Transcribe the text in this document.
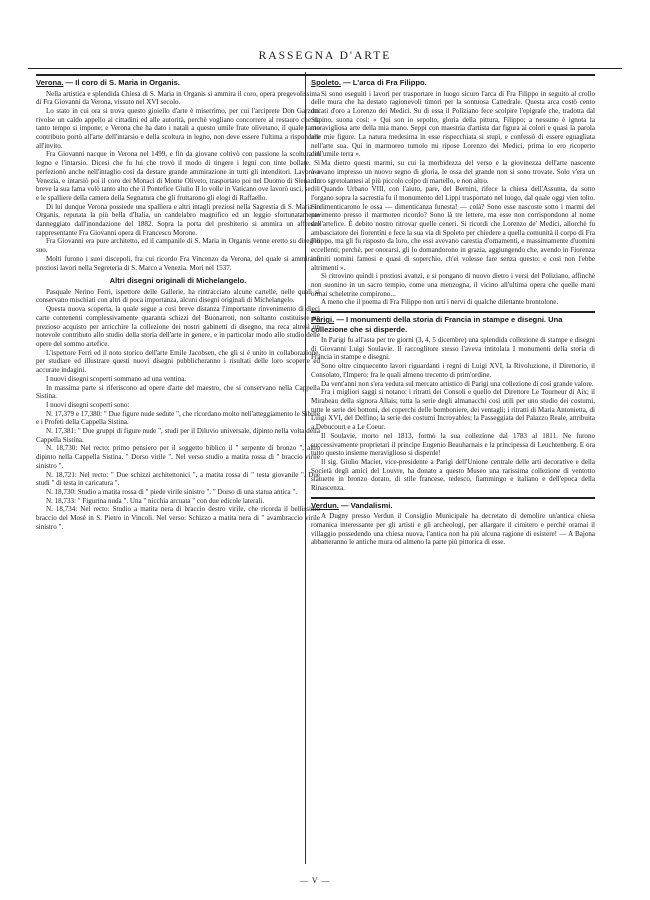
RASSEGNA D'ARTE
Verona. — Il coro di S. Maria in Organis.

Nella artistica e splendida Chiesa di S. Maria in Organis si ammira il coro, opera pregevolissima di Fra Giovanni da Verona, vissuto nel XVI secolo.

Lo stato in cui ora si trova questo gioiello d'arte è miserrimo, per cui l'arciprete Don Garzotti rivolse un caldo appello ai cittadini ed alle autorità, perchè vogliano concorrere al restauro che da tanto tempo si impone; e Verona che ha dato i natali a questo umile frate olivetano, il quale tanto contributo portò all'arte dell'intarsio e della scoltura in legno, non deve essere l'ultima a rispondere all'invito.

Fra Giovanni nacque in Verona nel 1499, e fin da giovane coltivò con passione la scoltura in legno e l'intarsio. Dicesi che fu lui che trovò il modo di tingere i legni con tinte bollate. Si perfezionò anche nell'intaglio così da destare grande ammirazione in tutti gli intenditori. Lavorò a Venezia, e intarsiò poi il coro dei Monaci di Monte Oliveto, trasportato poi nel Duomo di Siena. In breve la sua fama volò tanto alto che il Pontefice Giulio II lo volle in Vaticano ove lavorò usci, sedili e le spalliere della camera della Segnatura che gli fruttarono gli elogi di Raffaello.

Di lui dunque Verona possiede una spalliera e altri intagli preziosi nella Sagrestia di S. Maria in Organis, reputata la più bella d'Italia, un candelabro magnifico ed un leggio sfortunatamente danneggiato dall'inondazione del 1882. Sopra la porta del presbiterio si ammira un affresco rappresentante Fra Giovanni opera di Francesco Morone.

Fra Giovanni era pure architetto, ed il campanile di S. Maria in Organis venne eretto su disegno suo.

Molti furono i suoi discepoli, fra cui ricordo Fra Vincenzo da Verona, del quale si ammirano preziosi lavori nella Segreteria di S. Marco a Venezia. Morì nel 1537.

Altri disegni originali di Michelangelo.

Pasquale Nerino Ferri, ispettore delle Gallerie, ha rintracciato alcune cartelle, nelle quali si conservano mischiati con altri di poca importanza, alcuni disegni originali di Michelangelo.

Questa nuova scoperta, la quale segue a così breve distanza l'importante rinvenimento di dieci carte contenenti complessivamente quaranta schizzi del Buonarroti, non soltanto costituisce un prezioso acquisto per arricchire la collezione dei nostri gabinetti di disegno, ma reca altresì un notevole contributo allo studio della storia dell'arte in genere, e in particolar modo allo studio delle opere del sommo artefice.

L'ispettore Ferri ed il noto storico dell'arte Emile Jacobsen, che gli si è unito in collaborazione, per studiare ed illustrare questi nuovi disegni pubblicheranno i risultati delle loro scoperte ed accurate indagini.

I nuovi disegni scoperti sommano ad una ventina.

In massima parte si riferiscono ad opere d'arte del maestro, che si conservano nella Cappella Sistina.

I nuovi disegni scoperti sono:

N. 17,379 e 17,380: " Due figure nude sedute ", che ricordano molto nell'atteggiamento le Sibille e i Profeti della Cappella Sistina.

N. 17,381: " Due gruppi di figure nude ", studi per il Diluvio universale, dipinto nella volta della Cappella Sistina.

N. 18,730: Nel recto: primo pensiero per il soggetto biblico il " serpente di bronzo ", altro dipinto nella Cappella Sistina. " Dorso virile ". Nel verso studio a matita rossa di " braccio virile sinistro ".

N. 18,721: Nel recto: " Due schizzi architettonici ", a matita rossa di " testa giovanile ". Due studi " di testa in caricatura ".

N. 18,730: Studio a matita rossa di " piede virile sinistro ". " Dorso di una statua antica ".

N. 18,733: " Figurina nuda ". Una " nicchia arcuata " con due edicole laterali.

N. 18,734: Nel recto: Studio a matita nera di braccio destro virile, che ricorda il bellissimo braccio del Mosè in S. Pietro in Vincoli. Nel verso: Schizzo a matita nera di " avambraccio virile sinistro ".

Spoleto. — L'arca di Fra Filippo.

Si sono eseguiti i lavori per trasportare in luogo sicuro l'arca di Fra Filippo in seguito al crollo delle mura che ha destato ragionevoli timori per la sontuosa Cattedrale. Questa arca costò cento ducati d'oro a Lorenzo dei Medici. Su di essa il Poliziano fece scolpire l'epigrafe che, tradotta dal Supino, suona così: « Qui son io sepolto, gloria della pittura, Filippo; a nessuno è ignota la meravigliosa arte della mia mano. Seppi con maestria d'artista dar figura ai colori e quasi la parola alle mie figure. La natura medesima in esse rispecchiata si stupì, e confessò di essere eguagliata nell'arte sua. Qui in marmoreo tumolo mi ripose Lorenzo dei Medici, prima io ero ricoperto dell'umile terra ».

Ma dietro questi marmi, su cui la morbidezza del verso e la giovinezza dell'arte nascente avevano impresso un nuovo segno di gloria, le ossa del grande non si sono trovate. Solo v'era un muro sgretolantesi al più piccolo colpo di martello, e non altro.

Quando Urbano VIII, con l'aiuto, pare, del Bernini, rifece la chiesa dell'Assunta, da sotto l'organo sopra la sacrestia fu il monumento del Lippi trasportato nel luogo, dal quale oggi vien tolto. Si dimenticarono le ossa — dimenticanza funesta! — colà? Sono esse nascoste sotto i marmi del pavimento presso il marmoreo ricordo? Sono là tre lettere, ma esse non corrispondono al nome dell'artefice. È debito nostro ritrovar quelle ceneri. Si ricordi che Lorenzo de' Medici, allorchè fu ambasciatore dei fiorentini e fece la sua via di Spoleto per chiedere a quella comunità il corpo di Fra Filippo, ma gli fu risposto da loro, che essi avevano carestia d'ornamenti, e massimamente d'uomini eccellenti; perchè, per onorarsi, gli lo domandorono in grazia, aggiungendo che, avendo in Fiorenza infiniti uomini famosi e quasi di soperchio, ch'ei volesse fare senza questo: e così non l'ebbe altrimenti ».

Si ritrovino quindi i preziosi avanzi, e si pongano di nuovo dietro i versi del Poliziano, affinchè non suonino in un sacro tempio, come una menzogna, il vicino all'ultima opera che quelle mani ormai scheletrite compirono...

A meno che il poema di Fra Filippo non urti i nervi di qualche dilettante brontolone.

Parigi. — I monumenti della storia di Francia in stampe e disegni. Una collezione che si disperde.

In Parigi fu all'asta per tre giorni (3, 4, 5 dicembre) una splendida collezione di stampe e disegni di Giovanni Luigi Soulavie. Il raccoglitore stesso l'aveva intitolata I monumenti della storia di Francia in stampe e disegni.

Sono oltre cinquecento lavori riguardanti i regni di Luigi XVI, la Rivoluzione, il Direttorio, il Consolato, l'Impero: fra le quali almeno trecento di prim'ordine.

Da vent'anni non s'era veduta sul mercato artistico di Parigi una collezione di così grande valore.

Fra i migliori saggi si notano: i ritratti dei Consoli e quello del Direttore Le Tourneur di Aix; il Mirabeau della signora Allais; tutta la serie degli almanacchi così utili per uno studio dei costumi, tutte le serie dei bottoni, dei coperchi delle bomboniere, dei ventagli; i ritratti di Maria Antonietta, di Luigi XVI, del Delfino; la serie dei costumi Incroyables; la Passeggiata del Palazzo Reale, attribuita a Debucourt e a Le Coeur.

Il Soulavie, morto nel 1813, formò la sua collezione dal 1783 al 1811. Ne furono successivamente proprietari il principe Eugenio Beauharnais e la principessa di Leuchtenberg. E ora tutto questo insieme meraviglioso si disperde!

Il sig. Giulio Maciet, vice-presidente a Parigi dell'Unione centrale delle arti decorative e della Società degli amici del Louvre, ha donato a questo Museo una rarissima collezione di ventotto statuette in bronzo dorato, di stile francese, tedesco, fiammingo e italiano e dell'epoca della Rinascenza.

Verdun. — Vandalismi.

A Dugny presso Verdun il Consiglio Municipale ha decretato di demolire un'antica chiesa romanica interessante per gli artisti e gli archeologi, per allargare il cimitero e perchè oramai il villaggio possedendo una chiesa nuova, l'antica non ha più alcuna ragione di esistere! — A Bajona abbatteranno le antiche mura od almeno la parte più pittorica di esse.

— V —
